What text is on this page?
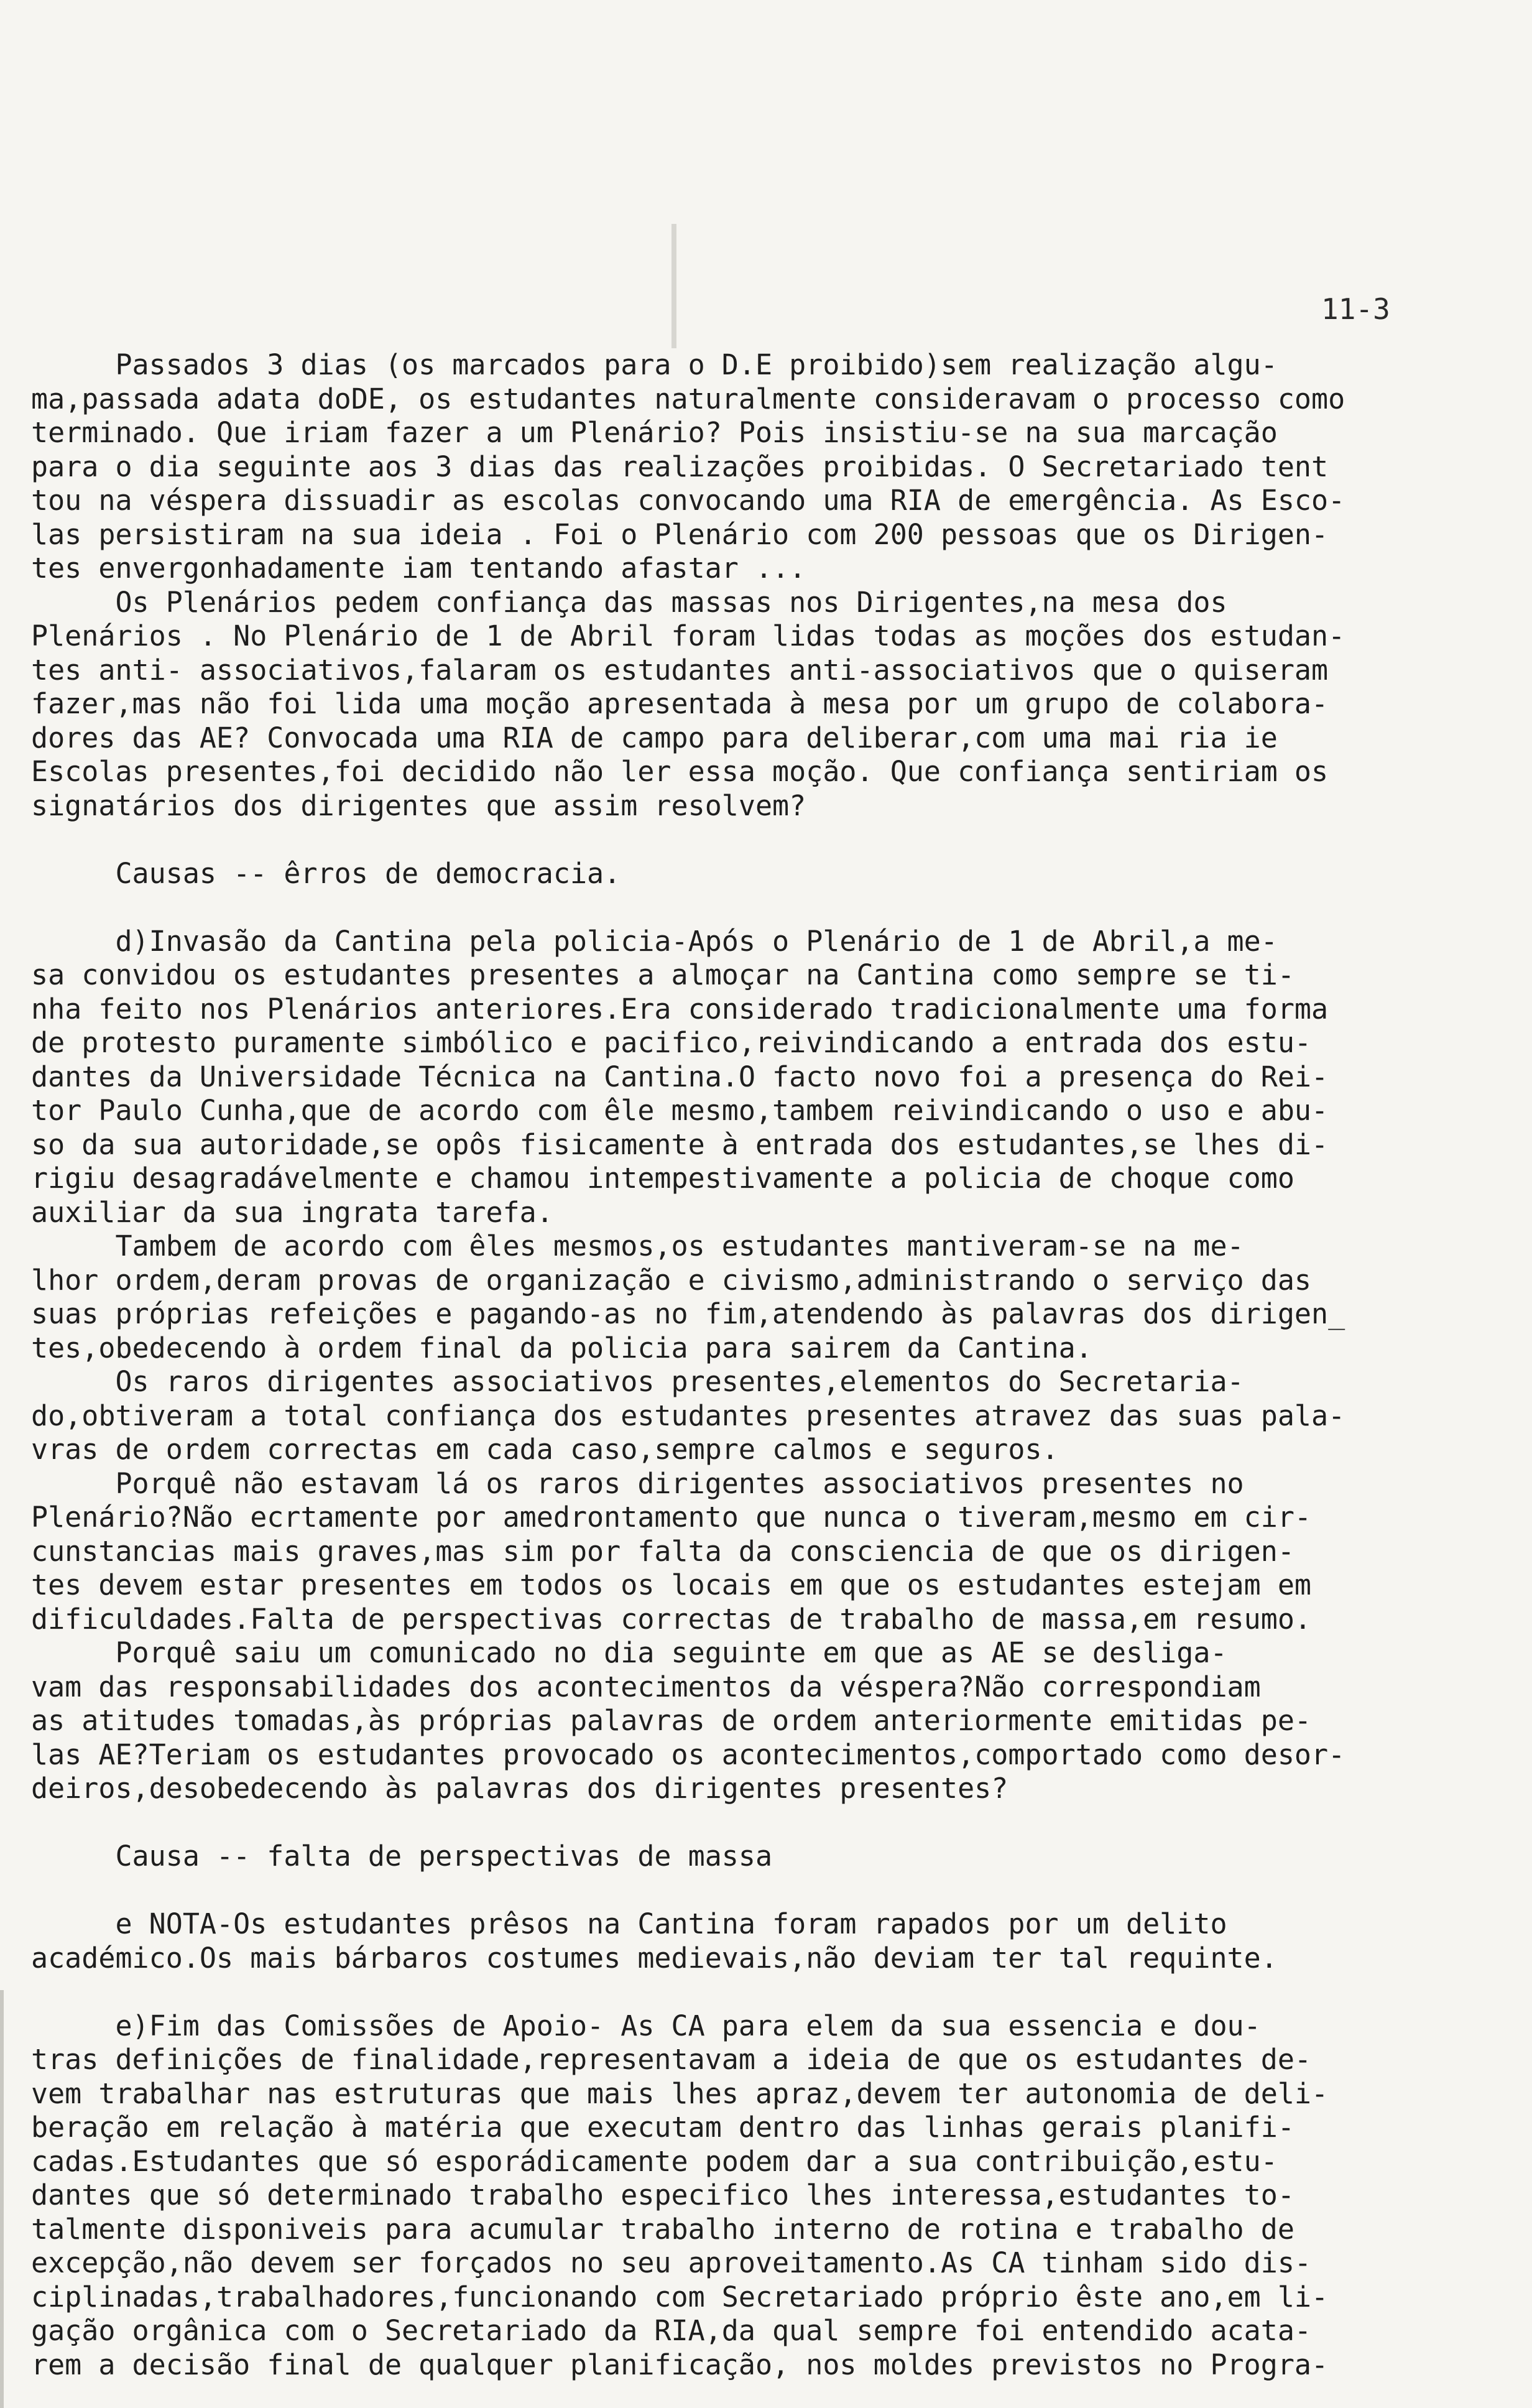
11-3
Passados 3 dias (os marcados para o D.E proibido)sem realização algu-
ma,passada adata doDE, os estudantes naturalmente consideravam o processo como
terminado. Que iriam fazer a um Plenário? Pois insistiu-se na sua marcação
para o dia seguinte aos 3 dias das realizações proibidas. O Secretariado tent
tou na véspera dissuadir as escolas convocando uma RIA de emergência. As Esco-
las persistiram na sua ideia . Foi o Plenário com 200 pessoas que os Dirigen-
tes envergonhadamente iam tentando afastar ...
Os Plenários pedem confiança das massas nos Dirigentes,na mesa dos
Plenários . No Plenário de 1 de Abril foram lidas todas as moções dos estudan-
tes anti- associativos,falaram os estudantes anti-associativos que o quiseram
fazer,mas não foi lida uma moção apresentada à mesa por um grupo de colabora-
dores das AE? Convocada uma RIA de campo para deliberar,com uma mai ria ie
Escolas presentes,foi decidido não ler essa moção. Que confiança sentiriam os
signatários dos dirigentes que assim resolvem?
Causas -- êrros de democracia.
d)Invasão da Cantina pela policia-Após o Plenário de 1 de Abril,a me-
sa convidou os estudantes presentes a almoçar na Cantina como sempre se ti-
nha feito nos Plenários anteriores.Era considerado tradicionalmente uma forma
de protesto puramente simbólico e pacifico,reivindicando a entrada dos estu-
dantes da Universidade Técnica na Cantina.O facto novo foi a presença do Rei-
tor Paulo Cunha,que de acordo com êle mesmo,tambem reivindicando o uso e abu-
so da sua autoridade,se opôs fisicamente à entrada dos estudantes,se lhes di-
rigiu desagradávelmente e chamou intempestivamente a policia de choque como
auxiliar da sua ingrata tarefa.
Tambem de acordo com êles mesmos,os estudantes mantiveram-se na me-
lhor ordem,deram provas de organização e civismo,administrando o serviço das
suas próprias refeições e pagando-as no fim,atendendo às palavras dos dirigen_
tes,obedecendo à ordem final da policia para sairem da Cantina.
Os raros dirigentes associativos presentes,elementos do Secretaria-
do,obtiveram a total confiança dos estudantes presentes atravez das suas pala-
vras de ordem correctas em cada caso,sempre calmos e seguros.
Porquê não estavam lá os raros dirigentes associativos presentes no
Plenário?Não ecrtamente por amedrontamento que nunca o tiveram,mesmo em cir-
cunstancias mais graves,mas sim por falta da consciencia de que os dirigen-
tes devem estar presentes em todos os locais em que os estudantes estejam em
dificuldades.Falta de perspectivas correctas de trabalho de massa,em resumo.
Porquê saiu um comunicado no dia seguinte em que as AE se desliga-
vam das responsabilidades dos acontecimentos da véspera?Não correspondiam
as atitudes tomadas,às próprias palavras de ordem anteriormente emitidas pe-
las AE?Teriam os estudantes provocado os acontecimentos,comportado como desor-
deiros,desobedecendo às palavras dos dirigentes presentes?
Causa -- falta de perspectivas de massa
e NOTA-Os estudantes prêsos na Cantina foram rapados por um delito
académico.Os mais bárbaros costumes medievais,não deviam ter tal requinte.
e)Fim das Comissões de Apoio- As CA para elem da sua essencia e dou-
tras definições de finalidade,representavam a ideia de que os estudantes de-
vem trabalhar nas estruturas que mais lhes apraz,devem ter autonomia de deli-
beração em relação à matéria que executam dentro das linhas gerais planifi-
cadas.Estudantes que só esporádicamente podem dar a sua contribuição,estu-
dantes que só determinado trabalho especifico lhes interessa,estudantes to-
talmente disponiveis para acumular trabalho interno de rotina e trabalho de
excepção,não devem ser forçados no seu aproveitamento.As CA tinham sido dis-
ciplinadas,trabalhadores,funcionando com Secretariado próprio êste ano,em li-
gação orgânica com o Secretariado da RIA,da qual sempre foi entendido acata-
rem a decisão final de qualquer planificação, nos moldes previstos no Progra-
